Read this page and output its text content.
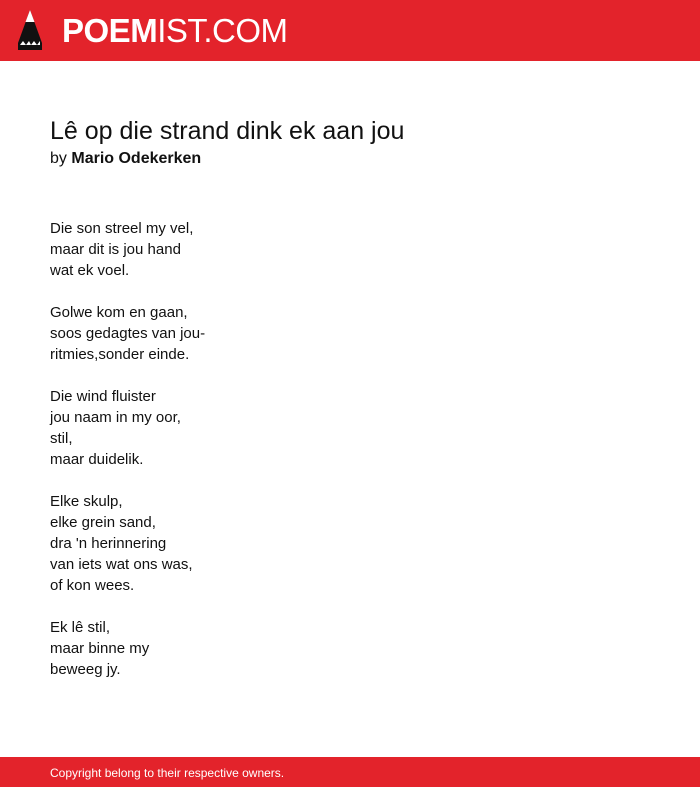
POEMIST.COM
Lê op die strand dink ek aan jou
by Mario Odekerken
Die son streel my vel,
maar dit is jou hand
wat ek voel.
Golwe kom en gaan,
soos gedagtes van jou-
ritmies,sonder einde.
Die wind fluister
jou naam in my oor,
stil,
maar duidelik.
Elke skulp,
elke grein sand,
dra 'n herinnering
van iets wat ons was,
of kon wees.
Ek lê stil,
maar binne my
beweeg jy.
Copyright belong to their respective owners.
